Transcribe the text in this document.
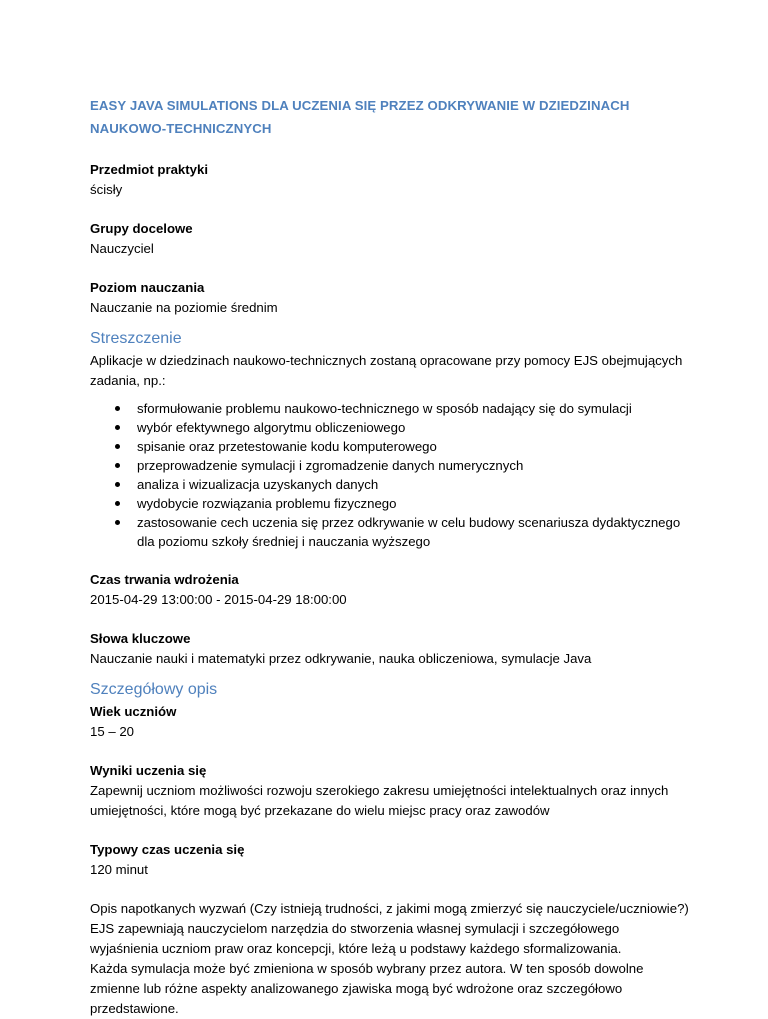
EASY JAVA SIMULATIONS DLA UCZENIA SIĘ PRZEZ ODKRYWANIE W DZIEDZINACH NAUKOWO-TECHNICZNYCH
Przedmiot praktyki
ścisły
Grupy docelowe
Nauczyciel
Poziom nauczania
Nauczanie na poziomie średnim
Streszczenie
Aplikacje w dziedzinach naukowo-technicznych zostaną opracowane przy pomocy EJS obejmujących zadania, np.:
sformułowanie problemu naukowo-technicznego w sposób nadający się do symulacji
wybór efektywnego algorytmu obliczeniowego
spisanie oraz przetestowanie kodu komputerowego
przeprowadzenie symulacji i zgromadzenie danych numerycznych
analiza i wizualizacja uzyskanych danych
wydobycie rozwiązania problemu fizycznego
zastosowanie cech uczenia się przez odkrywanie w celu budowy scenariusza dydaktycznego dla poziomu szkoły średniej i nauczania wyższego
Czas trwania wdrożenia
2015-04-29 13:00:00 - 2015-04-29 18:00:00
Słowa kluczowe
Nauczanie nauki i matematyki przez odkrywanie, nauka obliczeniowa, symulacje Java
Szczegółowy opis
Wiek uczniów
15 – 20
Wyniki uczenia się
Zapewnij uczniom możliwości rozwoju szerokiego zakresu umiejętności intelektualnych oraz innych umiejętności, które mogą być przekazane do wielu miejsc pracy oraz zawodów
Typowy czas uczenia się
120 minut

Opis napotkanych wyzwań (Czy istnieją trudności, z jakimi mogą zmierzyć się nauczyciele/uczniowie?)

EJS zapewniają nauczycielom narzędzia do stworzenia własnej symulacji i szczegółowego wyjaśnienia uczniom praw oraz koncepcji, które leżą u podstawy każdego sformalizowania.

Każda symulacja może być zmieniona w sposób wybrany przez autora. W ten sposób dowolne zmienne lub różne aspekty analizowanego zjawiska mogą być wdrożone oraz szczegółowo przedstawione.
